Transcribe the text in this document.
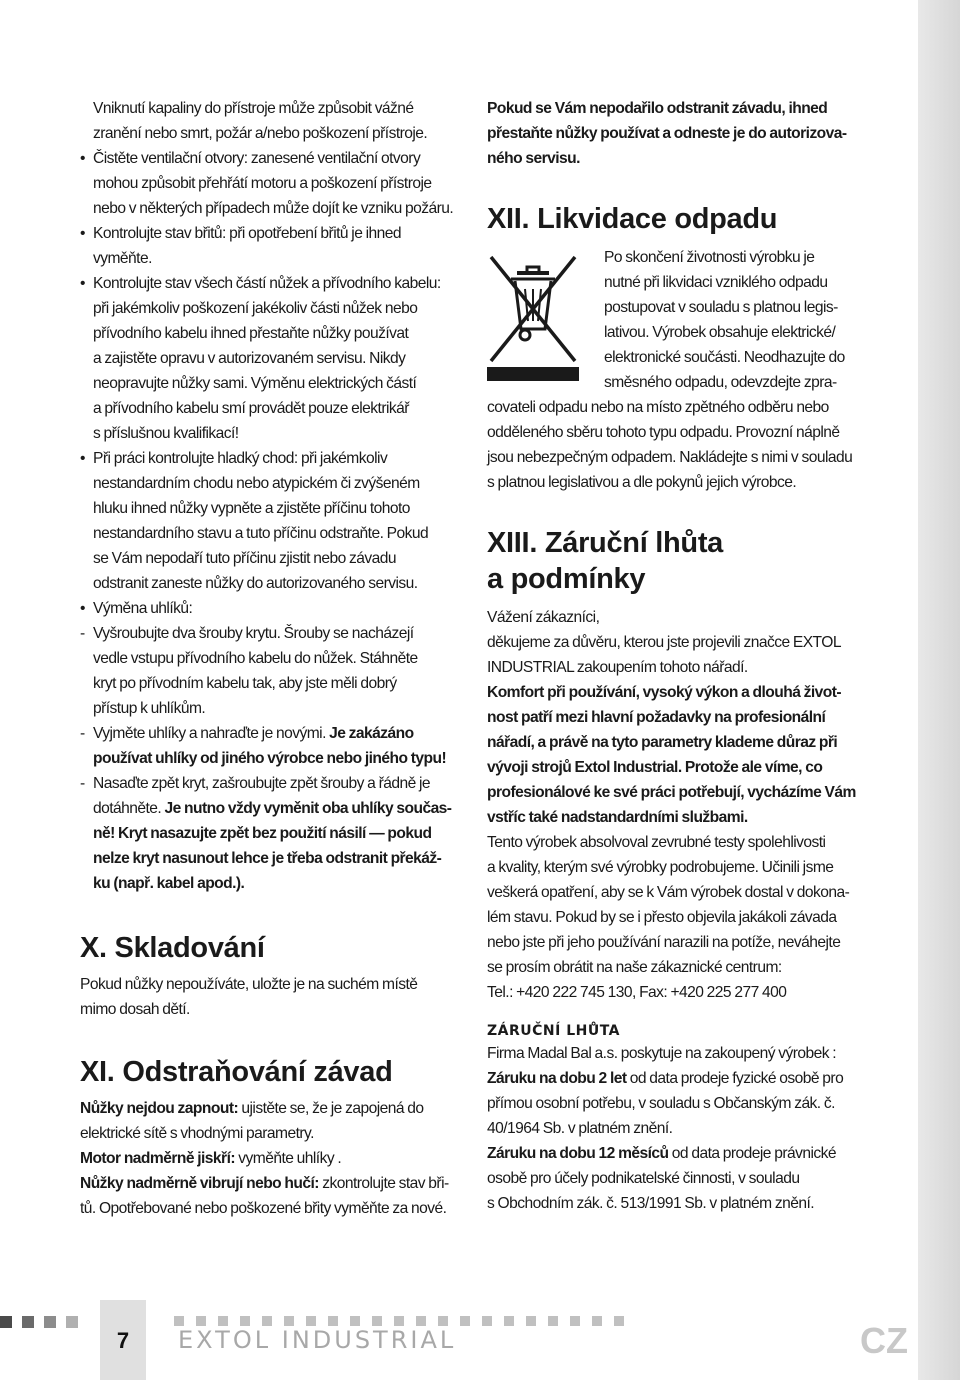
Vniknutí kapaliny do přístroje může způsobit vážné

zranění nebo smrt, požár a/nebo poškození přístroje.

• Čistěte ventilační otvory: zanesené ventilační otvory
mohou způsobit přehřátí motoru a poškození přístroje
nebo v některých případech může dojít ke vzniku požáru.
• Kontrolujte stav břitů: při opotřebení břitů je ihned
vyměňte.
• Kontrolujte stav všech částí nůžek a přívodního kabelu:
při jakémkoliv poškození jakékoliv části nůžek nebo
přívodního kabelu ihned přestaňte nůžky používat
a zajistěte opravu v autorizovaném servisu. Nikdy
neopravujte nůžky sami. Výměnu elektrických částí
a přívodního kabelu smí provádět pouze elektrikář
s příslušnou kvalifikací!
• Při práci kontrolujte hladký chod: při jakémkoliv
nestandardním chodu nebo atypickém či zvýšeném
hluku ihned nůžky vypněte a zjistěte příčinu tohoto
nestandardního stavu a tuto příčinu odstraňte. Pokud
se Vám nepodaří tuto příčinu zjistit nebo závadu
odstranit zaneste nůžky do autorizovaného servisu.
• Výměna uhlíků:
- Vyšroubujte dva šrouby krytu. Šrouby se nacházejí
vedle vstupu přívodního kabelu do nůžek. Stáhněte
kryt po přívodním kabelu tak, aby jste měli dobrý
přístup k uhlíkům.
- Vyjměte uhlíky a nahraďte je novými. Je zakázáno
používat uhlíky od jiného výrobce nebo jiného typu!
- Nasaďte zpět kryt, zašroubujte zpět šrouby a řádně je
dotáhněte. Je nutno vždy vyměnit oba uhlíky součas-
ně! Kryt nasazujte zpět bez použití násilí — pokud
nelze kryt nasunout lehce je třeba odstranit překáž-
ku (např. kabel apod.).
X. Skladování

Pokud nůžky nepoužíváte, uložte je na suchém místě

mimo dosah dětí.

XI. Odstraňování závad

Nůžky nejdou zapnout: ujistěte se, že je zapojená do

elektrické sítě s vhodnými parametry.

Motor nadměrně jiskří: vyměňte uhlíky .

Nůžky nadměrně vibrují nebo hučí: zkontrolujte stav bři-

tů. Opotřebované nebo poškozené břity vyměňte za nové.

Pokud se Vám nepodařilo odstranit závadu, ihned

přestaňte nůžky používat a odneste je do autorizova-

ného servisu.

XII. Likvidace odpadu

Po skončení životnosti výrobku je

nutné při likvidaci vzniklého odpadu

postupovat v souladu s platnou legis-

lativou. Výrobek obsahuje elektrické/

elektronické součásti. Neodhazujte do

směsného odpadu, odevzdejte zpra-

covateli odpadu nebo na místo zpětného odběru nebo

odděleného sběru tohoto typu odpadu. Provozní náplně

jsou nebezpečným odpadem. Nakládejte s nimi v souladu

s platnou legislativou a dle pokynů jejich výrobce.

XIII. Záruční lhůta
a podmínky

Vážení zákazníci,

děkujeme za důvěru, kterou jste projevili značce EXTOL

INDUSTRIAL zakoupením tohoto nářadí.

Komfort při používání, vysoký výkon a dlouhá život-

nost patří mezi hlavní požadavky na profesionální

nářadí, a právě na tyto parametry klademe důraz při

vývoji strojů Extol Industrial. Protože ale víme, co

profesionálové ke své práci potřebují, vycházíme Vám

vstříc také nadstandardními službami.

Tento výrobek absolvoval zevrubné testy spolehlivosti

a kvality, kterým své výrobky podrobujeme. Učinili jsme

veškerá opatření, aby se k Vám výrobek dostal v dokona-

lém stavu. Pokud by se i přesto objevila jakákoli závada

nebo jste při jeho používání narazili na potíže, neváhejte

se prosím obrátit na naše zákaznické centrum:

Tel.: +420 222 745 130, Fax: +420 225 277 400

ZÁRUČNÍ LHŮTA

Firma Madal Bal a.s. poskytuje na zakoupený výrobek :

Záruku na dobu 2 let od data prodeje fyzické osobě pro

přímou osobní potřebu, v souladu s Občanským zák. č.

40/1964 Sb. v platném znění.

Záruku na dobu 12 měsíců od data prodeje právnické

osobě pro účely podnikatelské činnosti, v souladu

s Obchodním zák. č. 513/1991 Sb. v platném znění.

7	EXTOL INDUSTRIAL	CZ
